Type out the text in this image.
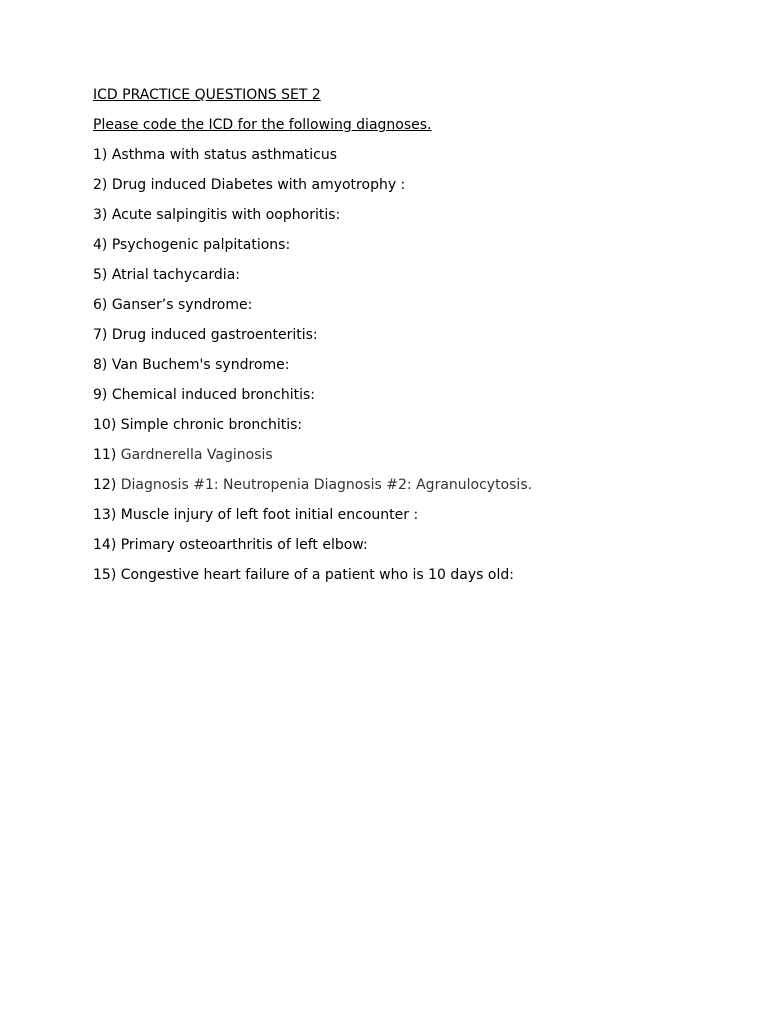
ICD PRACTICE QUESTIONS SET 2
Please code the ICD for the following diagnoses.
1) Asthma with status asthmaticus
2) Drug induced Diabetes with amyotrophy :
3) Acute salpingitis with oophoritis:
4) Psychogenic palpitations:
5) Atrial tachycardia:
6) Ganser’s syndrome:
7) Drug induced gastroenteritis:
8) Van Buchem's syndrome:
9) Chemical induced bronchitis:
10) Simple chronic bronchitis:
11) Gardnerella Vaginosis
12) Diagnosis #1: Neutropenia Diagnosis #2: Agranulocytosis.
13) Muscle injury of left foot initial encounter :
14) Primary osteoarthritis of left elbow:
15) Congestive heart failure of a patient who is 10 days old:
